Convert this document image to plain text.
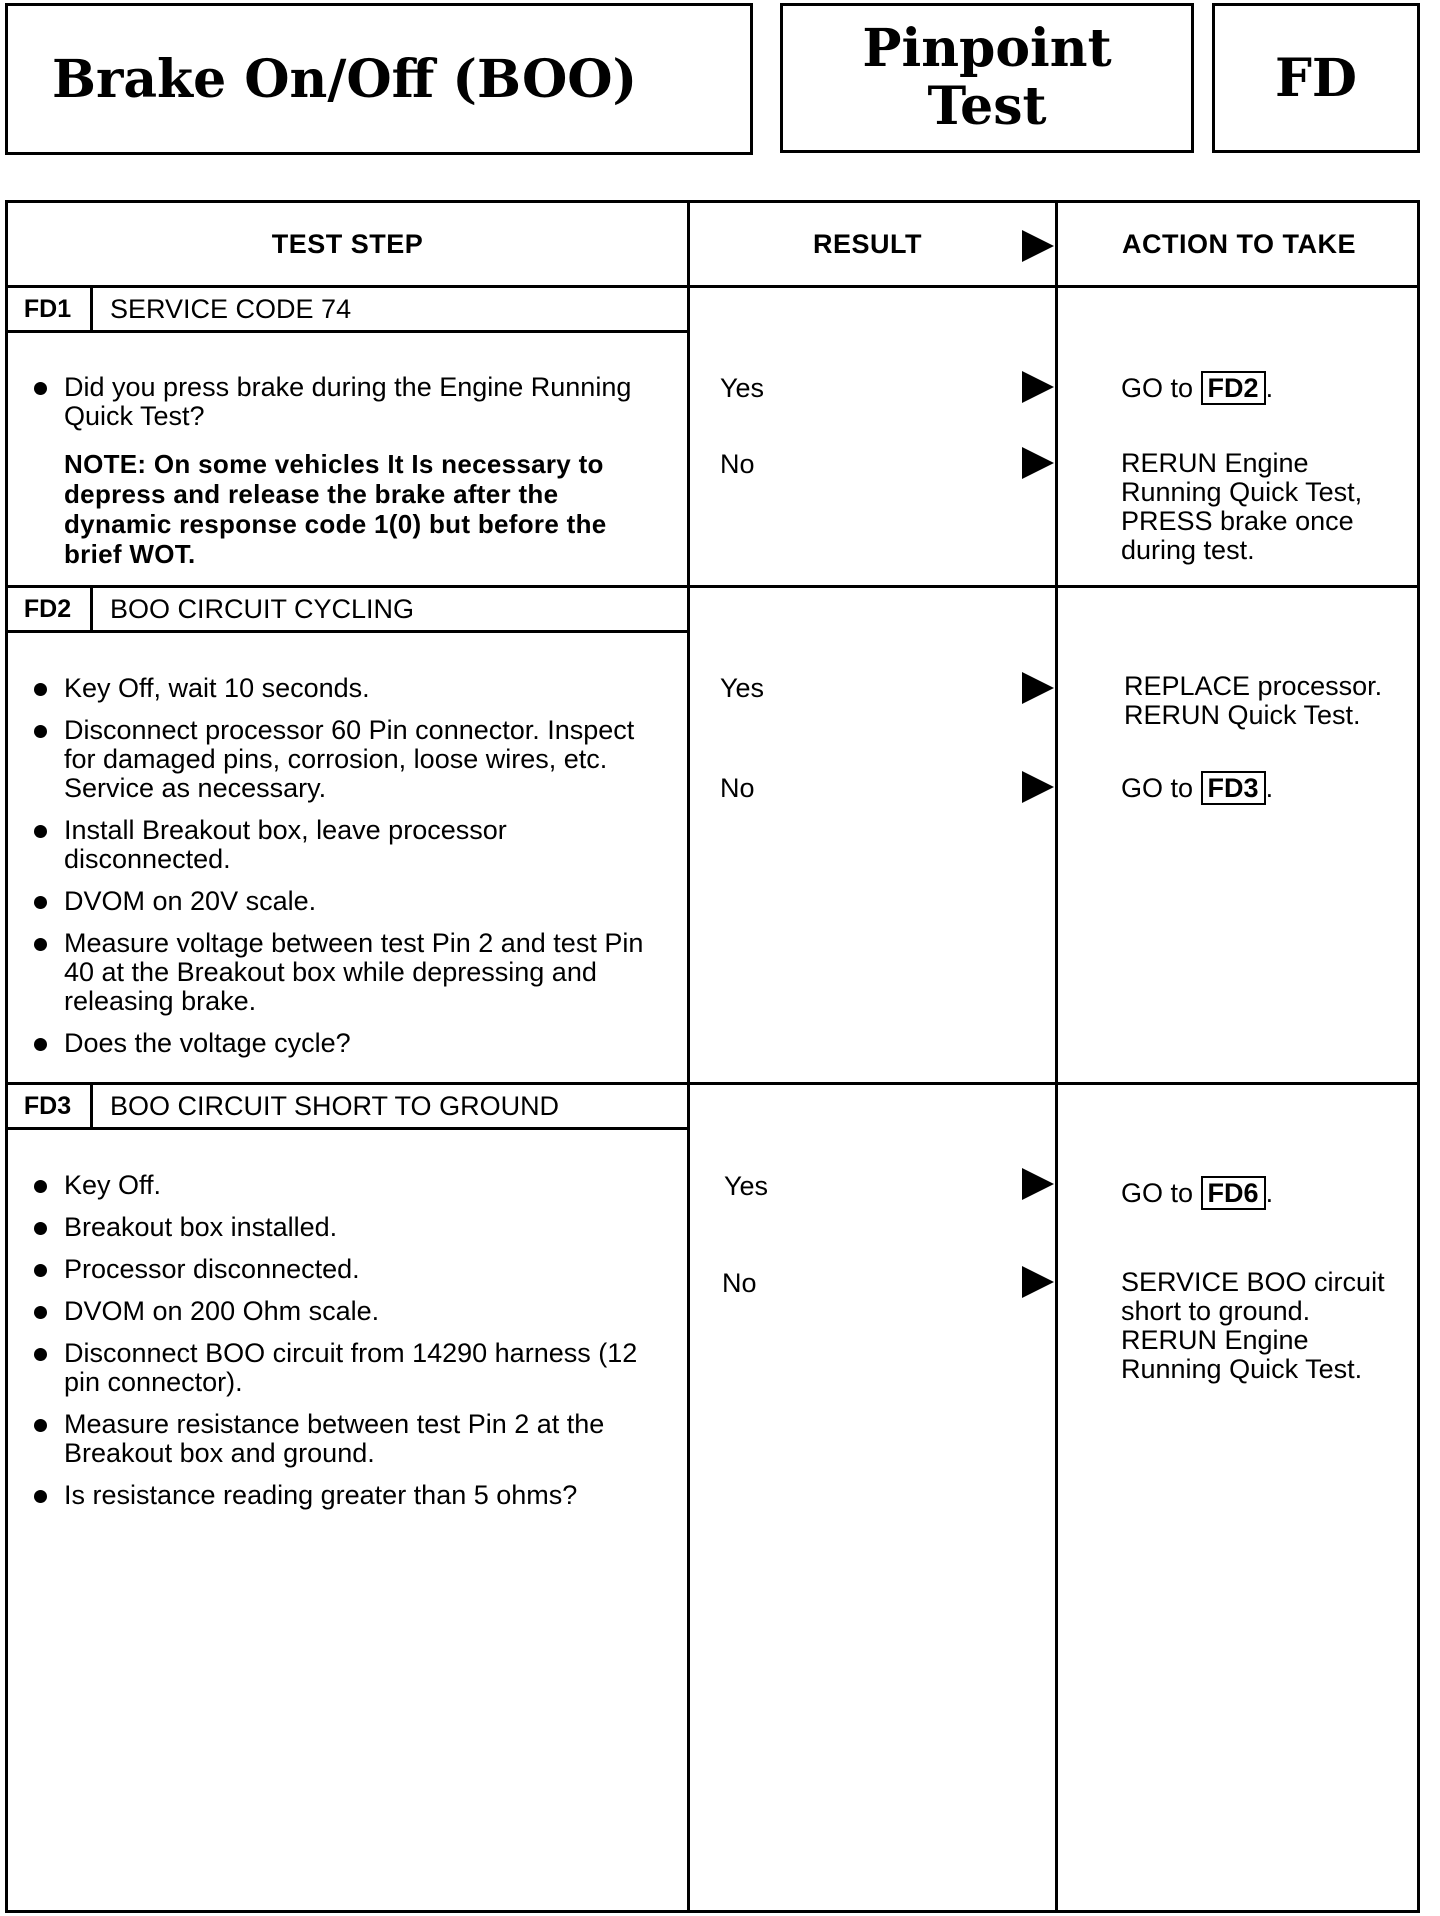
Brake On/Off (BOO)	Pinpoint
Test	FD
TEST STEP	RESULT	ACTION TO TAKE
FD1	SERVICE CODE 74
Did you press brake during the Engine Running Quick Test?
NOTE: On some vehicles It Is necessary to depress and release the brake after the dynamic response code 1(0) but before the brief WOT.
Yes	GO to FD2 .
No	RERUN Engine Running Quick Test, PRESS brake once during test.
FD2	BOO CIRCUIT CYCLING
Key Off, wait 10 seconds.
Disconnect processor 60 Pin connector. Inspect for damaged pins, corrosion, loose wires, etc. Service as necessary.
Install Breakout box, leave processor disconnected.
DVOM on 20V scale.
Measure voltage between test Pin 2 and test Pin 40 at the Breakout box while depressing and releasing brake.
Does the voltage cycle?
Yes	REPLACE processor. RERUN Quick Test.
No	GO to FD3 .
FD3	BOO CIRCUIT SHORT TO GROUND
Key Off.
Breakout box installed.
Processor disconnected.
DVOM on 200 Ohm scale.
Disconnect BOO circuit from 14290 harness (12 pin connector).
Measure resistance between test Pin 2 at the Breakout box and ground.
Is resistance reading greater than 5 ohms?
Yes	GO to FD6 .
No	SERVICE BOO circuit short to ground. RERUN Engine Running Quick Test.
